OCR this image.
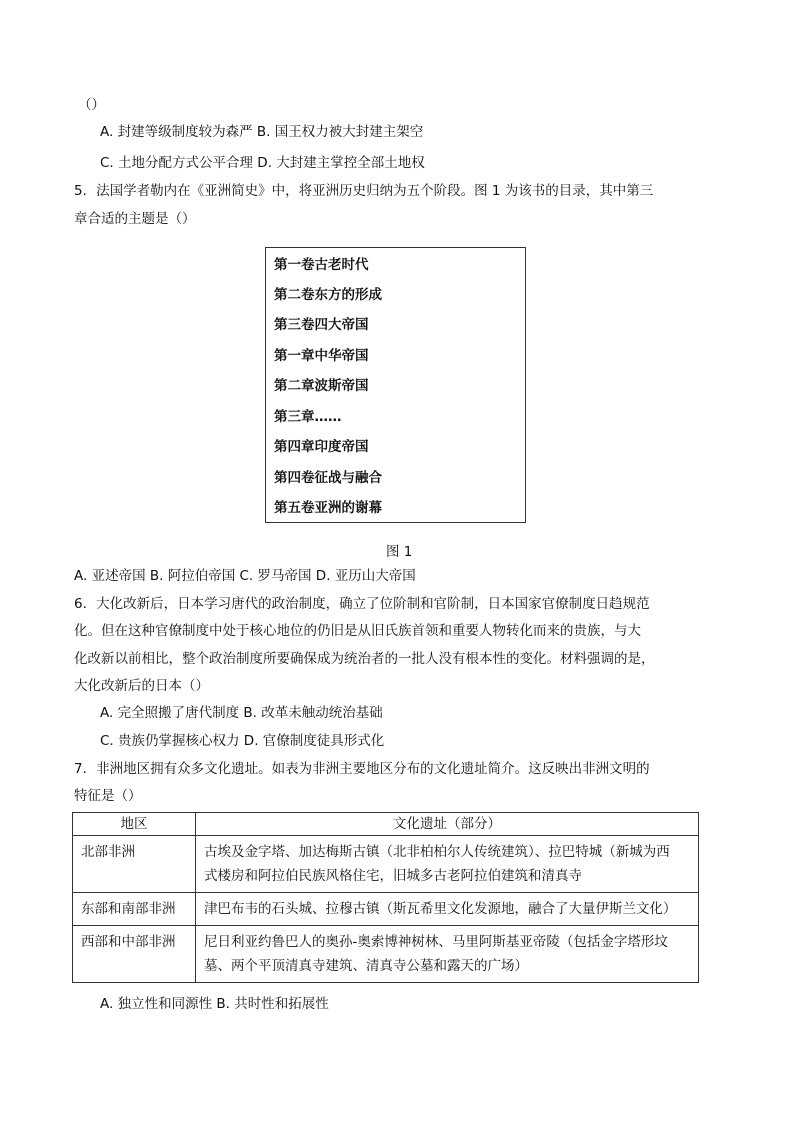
（）
A. 封建等级制度较为森严 B. 国王权力被大封建主架空
C. 土地分配方式公平合理 D. 大封建主掌控全部土地权
5．法国学者勒内在《亚洲简史》中，将亚洲历史归纳为五个阶段。图 1 为该书的目录，其中第三
章合适的主题是（）
第一卷古老时代
第二卷东方的形成
第三卷四大帝国
第一章中华帝国
第二章波斯帝国
第三章……
第四章印度帝国
第四卷征战与融合
第五卷亚洲的谢幕
图 1
A. 亚述帝国 B. 阿拉伯帝国 C. 罗马帝国 D. 亚历山大帝国
6．大化改新后，日本学习唐代的政治制度，确立了位阶制和官阶制，日本国家官僚制度日趋规范
化。但在这种官僚制度中处于核心地位的仍旧是从旧氏族首领和重要人物转化而来的贵族，与大
化改新以前相比，整个政治制度所要确保成为统治者的一批人没有根本性的变化。材料强调的是，
大化改新后的日本（）
A. 完全照搬了唐代制度 B. 改革未触动统治基础
C. 贵族仍掌握核心权力 D. 官僚制度徒具形式化
7．非洲地区拥有众多文化遗址。如表为非洲主要地区分布的文化遗址简介。这反映出非洲文明的
特征是（）
地区	文化遗址（部分）
北部非洲	古埃及金字塔、加达梅斯古镇（北非柏柏尔人传统建筑）、拉巴特城（新城为西
式楼房和阿拉伯民族风格住宅，旧城多古老阿拉伯建筑和清真寺

东部和南部非洲	津巴布韦的石头城、拉穆古镇（斯瓦希里文化发源地，融合了大量伊斯兰文化）

西部和中部非洲	尼日利亚约鲁巴人的奥孙-奥索博神树林、马里阿斯基亚帝陵（包括金字塔形坟
墓、两个平顶清真寺建筑、清真寺公墓和露天的广场）
A. 独立性和同源性 B. 共时性和拓展性
